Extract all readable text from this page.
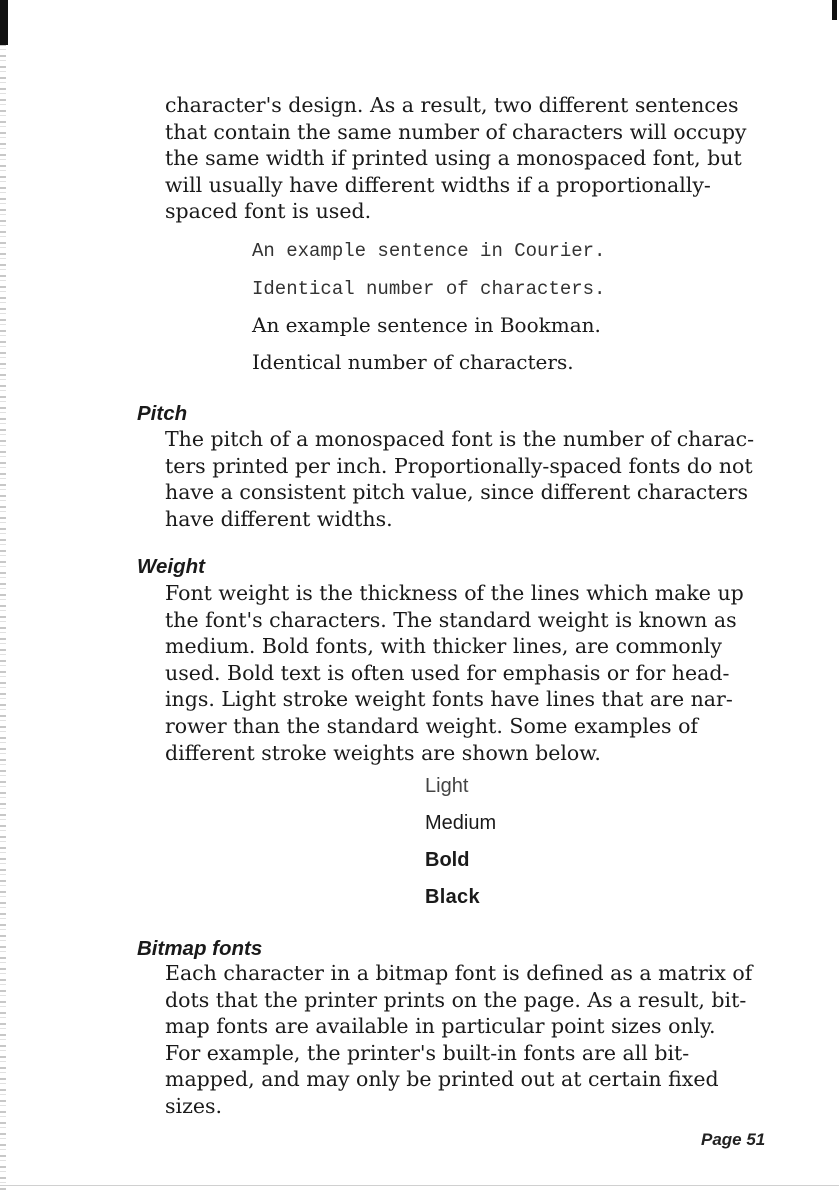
character's design. As a result, two different sentences
that contain the same number of characters will occupy
the same width if printed using a monospaced font, but
will usually have different widths if a proportionally-
spaced font is used.

An example sentence in Courier.
Identical number of characters.
An example sentence in Bookman.
Identical number of characters.
Pitch

The pitch of a monospaced font is the number of charac-
ters printed per inch. Proportionally-spaced fonts do not
have a consistent pitch value, since different characters
have different widths.

Weight

Font weight is the thickness of the lines which make up
the font's characters. The standard weight is known as
medium. Bold fonts, with thicker lines, are commonly
used. Bold text is often used for emphasis or for head-
ings. Light stroke weight fonts have lines that are nar-
rower than the standard weight. Some examples of
different stroke weights are shown below.

Light
Medium
Bold
Black
Bitmap fonts

Each character in a bitmap font is defined as a matrix of
dots that the printer prints on the page. As a result, bit-
map fonts are available in particular point sizes only.
For example, the printer's built-in fonts are all bit-
mapped, and may only be printed out at certain fixed
sizes.

Page 51
